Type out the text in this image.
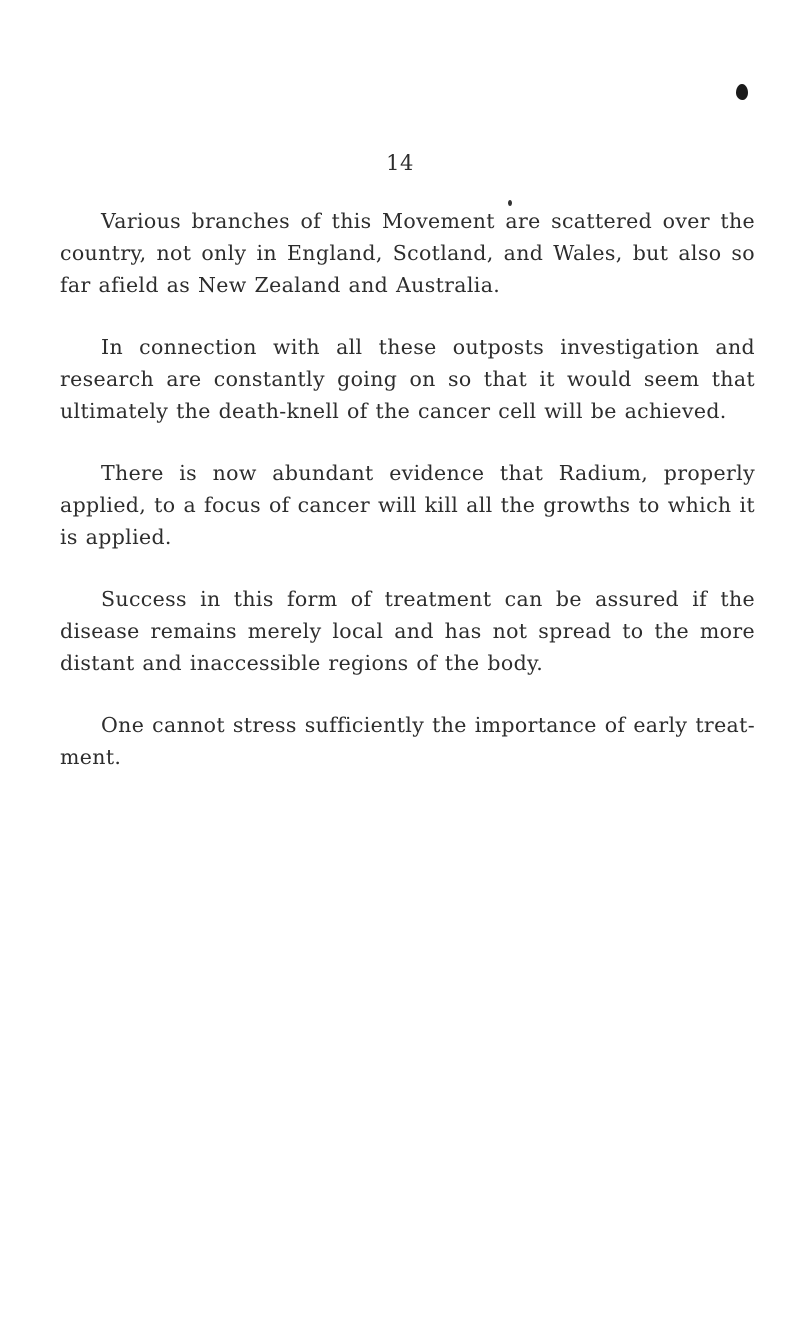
14

Various branches of this Movement are scattered over the country, not only in England, Scotland, and Wales, but also so far afield as New Zealand and Australia.

In connection with all these outposts investigation and research are constantly going on so that it would seem that ultimately the death-knell of the cancer cell will be achieved.

There is now abundant evidence that Radium, properly applied, to a focus of cancer will kill all the growths to which it is applied.

Success in this form of treatment can be assured if the disease remains merely local and has not spread to the more distant and inaccessible regions of the body.

One cannot stress sufficiently the importance of early treat- ment.
